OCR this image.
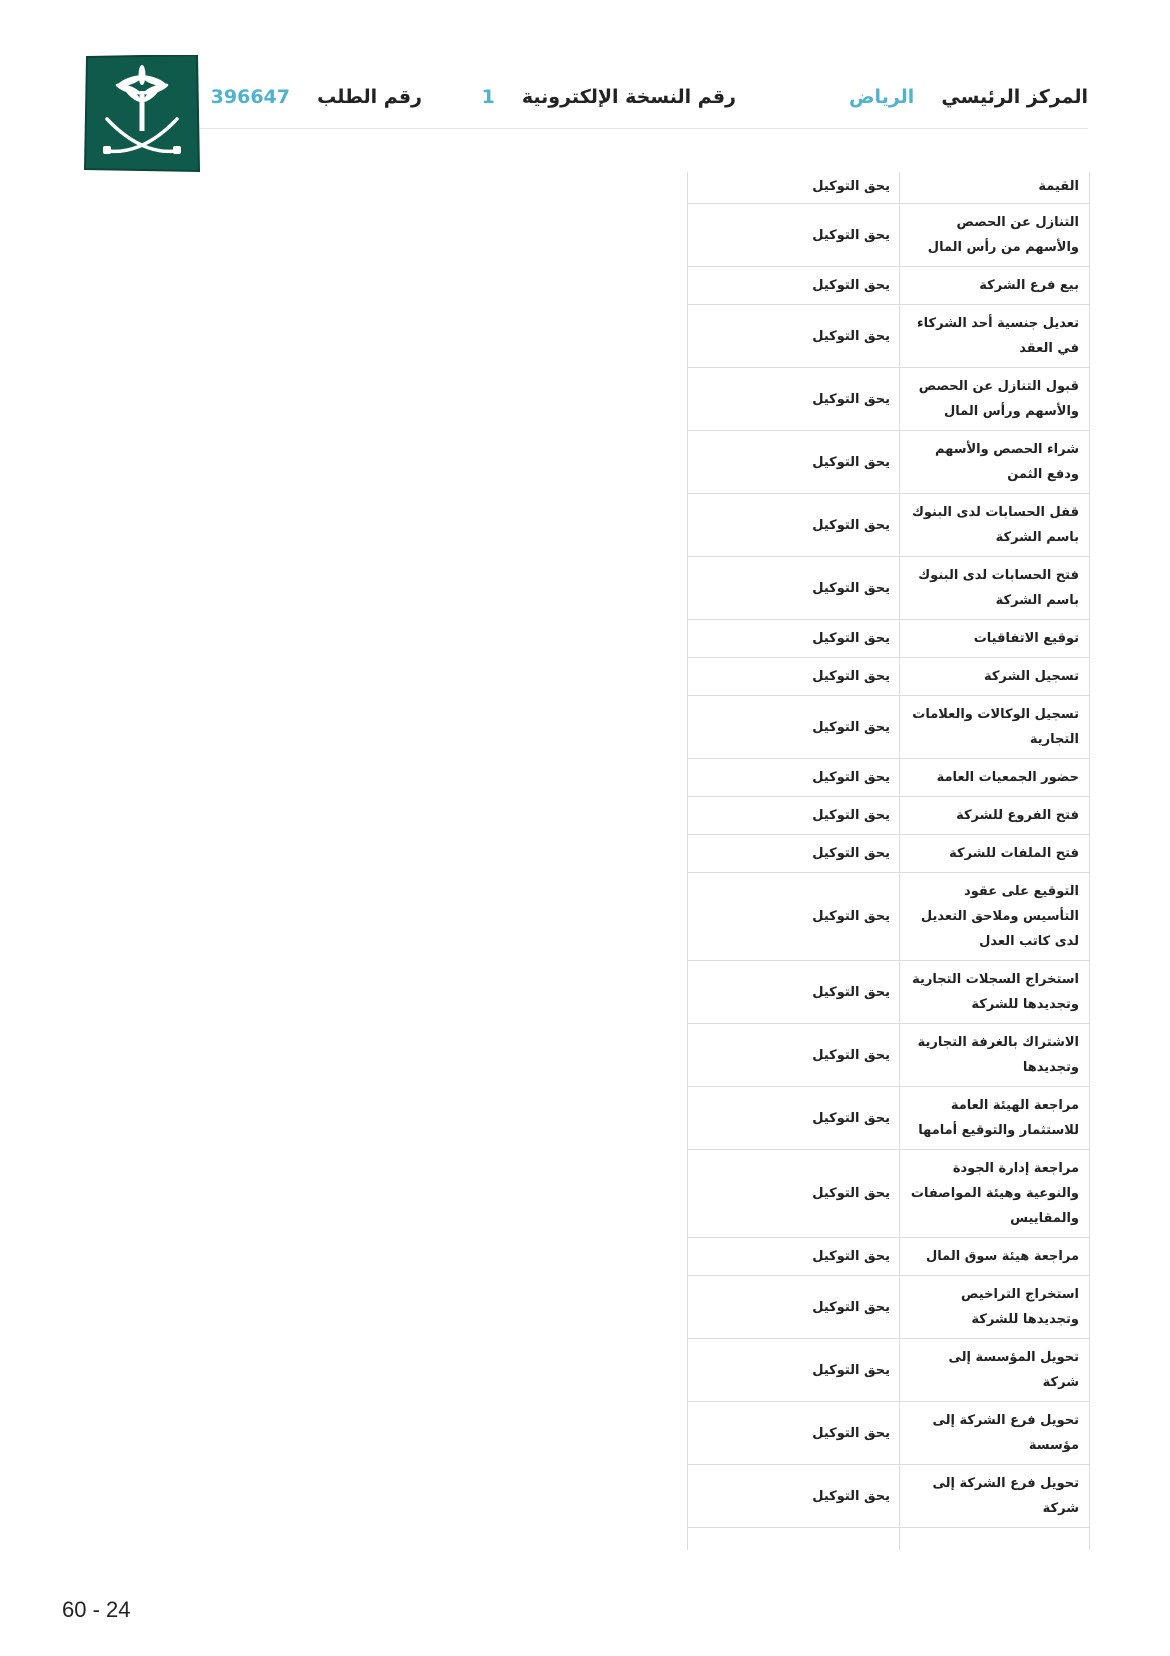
المركز الرئيسي الرياض
رقم النسخة الإلكترونية 1
رقم الطلب 396647
القيمة
يحق التوكيل
التنازل عن الحصص والأسهم من رأس المال
يحق التوكيل
بيع فرع الشركة
يحق التوكيل
تعديل جنسية أحد الشركاء في العقد
يحق التوكيل
قبول التنازل عن الحصص والأسهم ورأس المال
يحق التوكيل
شراء الحصص والأسهم ودفع الثمن
يحق التوكيل
قفل الحسابات لدى البنوك باسم الشركة
يحق التوكيل
فتح الحسابات لدى البنوك باسم الشركة
يحق التوكيل
توقيع الاتفاقيات
يحق التوكيل
تسجيل الشركة
يحق التوكيل
تسجيل الوكالات والعلامات التجارية
يحق التوكيل
حضور الجمعيات العامة
يحق التوكيل
فتح الفروع للشركة
يحق التوكيل
فتح الملفات للشركة
يحق التوكيل
التوقيع على عقود التأسيس وملاحق التعديل لدى كاتب العدل
يحق التوكيل
استخراج السجلات التجارية وتجديدها للشركة
يحق التوكيل
الاشتراك بالغرفة التجارية وتجديدها
يحق التوكيل
مراجعة الهيئة العامة للاستثمار والتوقيع أمامها
يحق التوكيل
مراجعة إدارة الجودة والنوعية وهيئة المواصفات والمقاييس
يحق التوكيل
مراجعة هيئة سوق المال
يحق التوكيل
استخراج التراخيص وتجديدها للشركة
يحق التوكيل
تحويل المؤسسة إلى شركة
يحق التوكيل
تحويل فرع الشركة إلى مؤسسة
يحق التوكيل
تحويل فرع الشركة إلى شركة
يحق التوكيل
60 - 24
